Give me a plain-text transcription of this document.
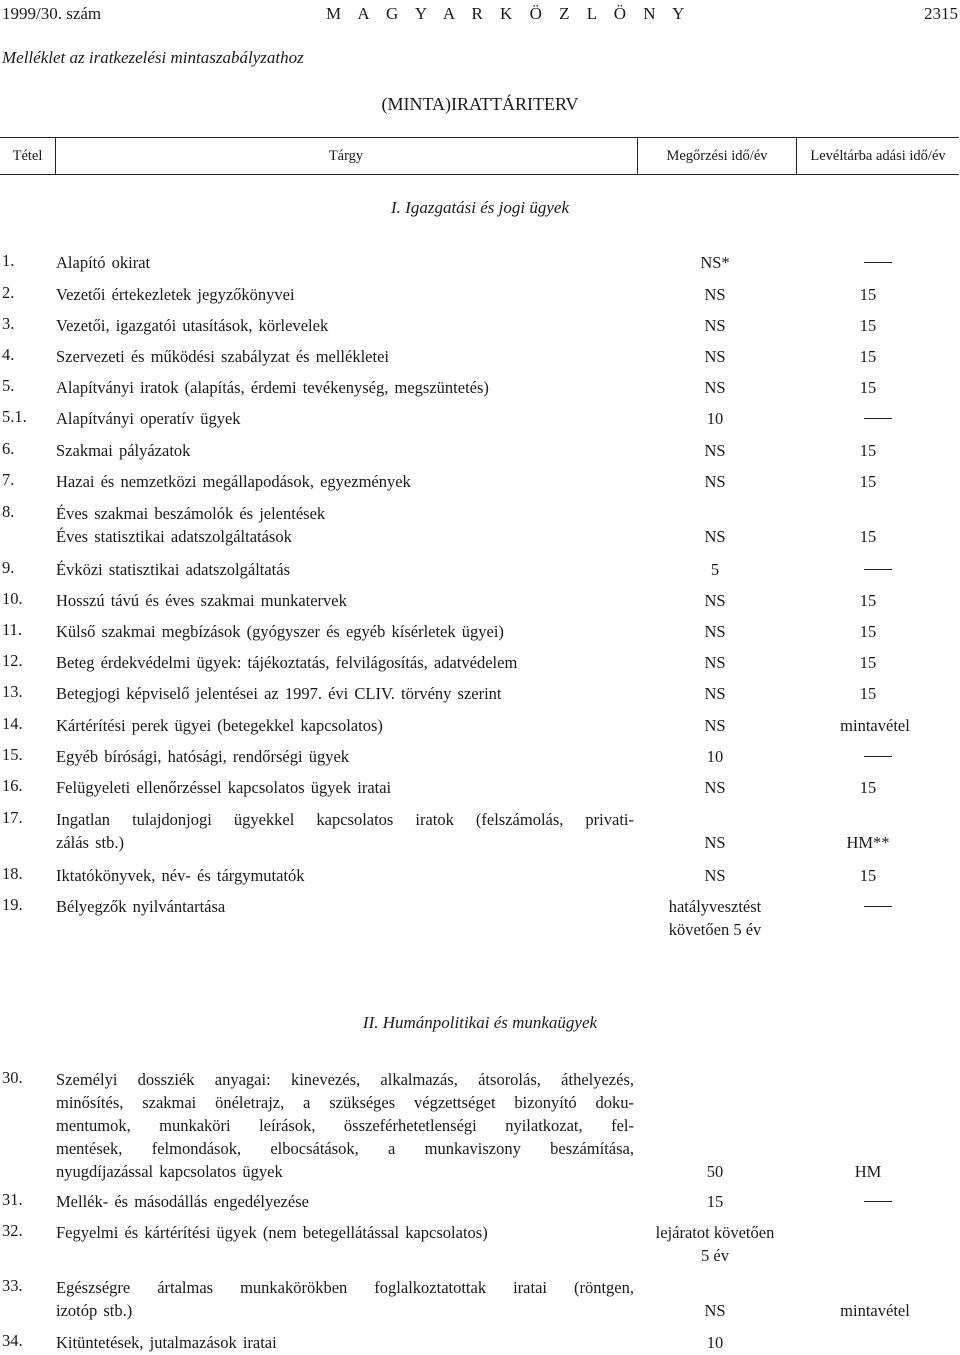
1999/30. szám	M A G Y A R K Ö Z L Ö N Y	2315
Melléklet az iratkezelési mintaszabályzathoz
(MINTA)IRATTÁRITERV
Tétel	Tárgy	Megőrzési idő/év	Levéltárba adási idő/év
I. Igazgatási és jogi ügyek
1.	Alapító okirat	NS*
2.	Vezetői értekezletek jegyzőkönyvei	NS	15
3.	Vezetői, igazgatói utasítások, körlevelek	NS	15
4.	Szervezeti és működési szabályzat és mellékletei	NS	15
5.	Alapítványi iratok (alapítás, érdemi tevékenység, megszüntetés)	NS	15
5.1. Alapítványi operatív ügyek	10
6.	Szakmai pályázatok	NS	15
7.	Hazai és nemzetközi megállapodások, egyezmények	NS	15
8.	Éves szakmai beszámolók és jelentések
Éves statisztikai adatszolgáltatások	NS	15
9.	Évközi statisztikai adatszolgáltatás	5
10. Hosszú távú és éves szakmai munkatervek	NS	15
11. Külső szakmai megbízások (gyógyszer és egyéb kísérletek ügyei)	NS	15
12. Beteg érdekvédelmi ügyek: tájékoztatás, felvilágosítás, adatvédelem	NS	15
13. Betegjogi képviselő jelentései az 1997. évi CLIV. törvény szerint	NS	15
14. Kártérítési perek ügyei (betegekkel kapcsolatos)	NS	mintavétel
15. Egyéb bírósági, hatósági, rendőrségi ügyek	10
16. Felügyeleti ellenőrzéssel kapcsolatos ügyek iratai	NS	15
17. Ingatlan tulajdonjogi ügyekkel kapcsolatos iratok (felszámolás, privati-
zálás stb.)	NS	HM**
18. Iktatókönyvek, név- és tárgymutatók	NS	15
19. Bélyegzők nyilvántartása	hatályvesztést
követően 5 év
II. Humánpolitikai és munkaügyek
30. Személyi dossziék anyagai: kinevezés, alkalmazás, átsorolás, áthelyezés,
minősítés, szakmai önéletrajz, a szükséges végzettséget bizonyító doku-
mentumok, munkaköri leírások, összeférhetetlenségi nyilatkozat, fel-
mentések, felmondások, elbocsátások, a munkaviszony beszámítása,
nyugdíjazással kapcsolatos ügyek	50	HM
31. Mellék- és másodállás engedélyezése	15
32. Fegyelmi és kártérítési ügyek (nem betegellátással kapcsolatos)	lejáratot követően
5 év
33. Egészségre ártalmas munkakörökben foglalkoztatottak iratai (röntgen,
izotóp stb.)	NS	mintavétel
34. Kitüntetések, jutalmazások iratai	10
